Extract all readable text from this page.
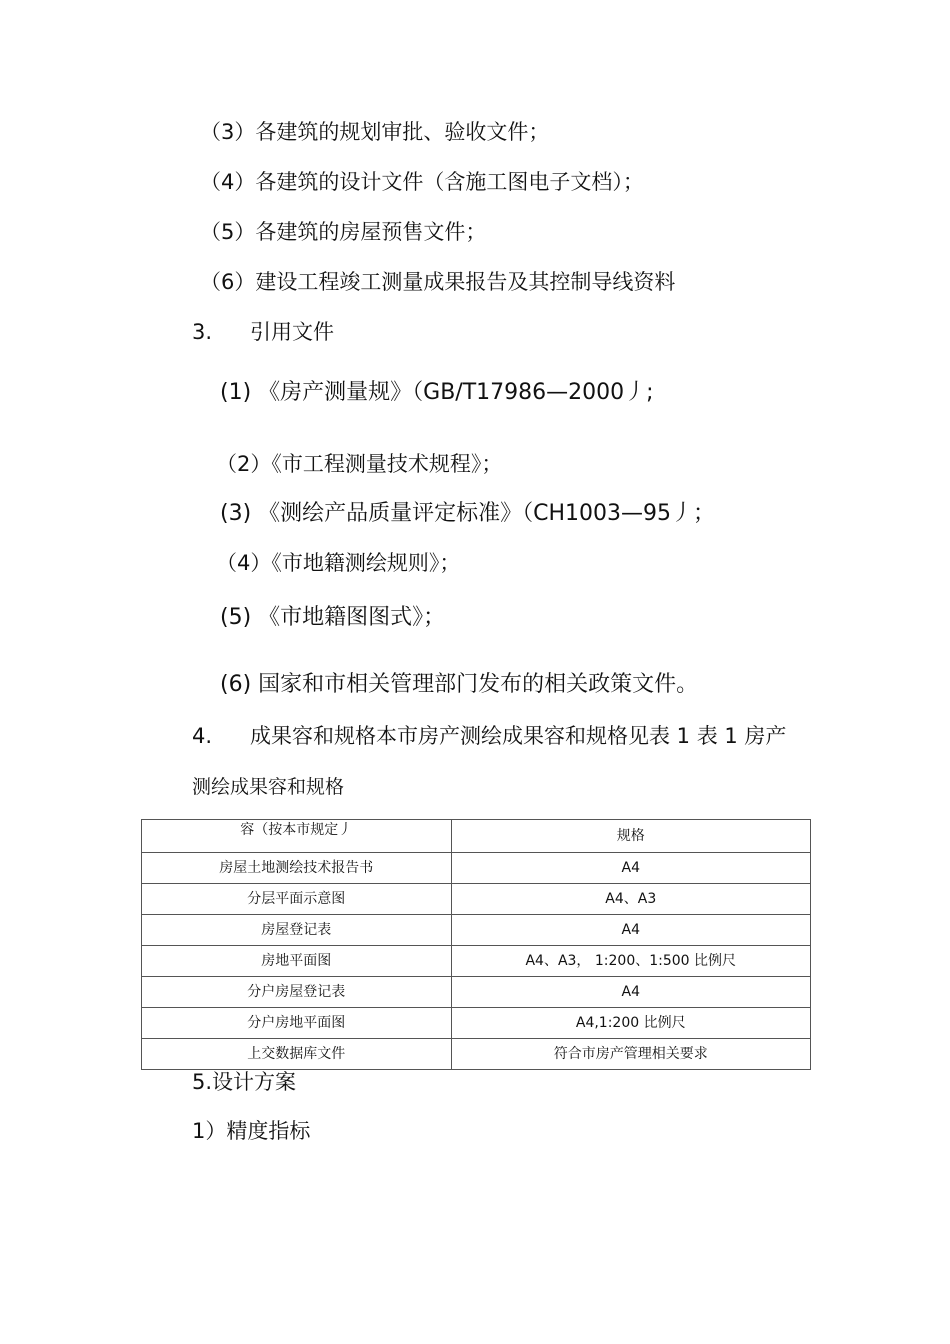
（3）各建筑的规划审批、验收文件；
（4）各建筑的设计文件（含施工图电子文档）；
（5）各建筑的房屋预售文件；
（6）建设工程竣工测量成果报告及其控制导线资料
3. 引用文件
(1) 《房产测量规》（GB/T17986—2000丿;
（2）《市工程测量技术规程》；
(3) 《测绘产品质量评定标准》（CH1003—95丿；
（4）《市地籍测绘规则》；
(5) 《市地籍图图式》；
(6) 国家和市相关管理部门发布的相关政策文件。
4. 成果容和规格本市房产测绘成果容和规格见表 1 表 1 房产
测绘成果容和规格
容（按本市规定丿	规格
房屋土地测绘技术报告书	A4
分层平面示意图	A4、A3
房屋登记表	A4
房地平面图	A4、A3， 1:200、1:500 比例尺
分户房屋登记表	A4
分户房地平面图	A4,1:200 比例尺
上交数据库文件	符合市房产管理相关要求
5.设计方案
1）精度指标
